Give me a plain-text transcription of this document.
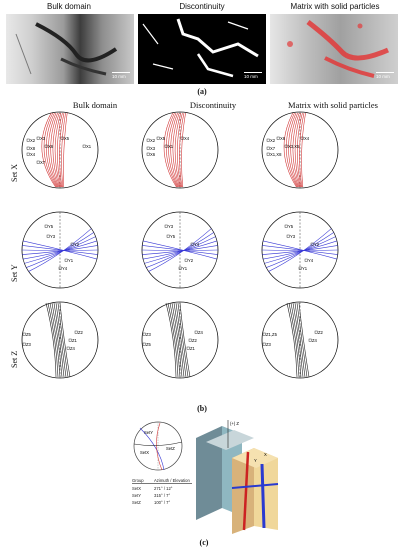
Bulk domain	Discontinuity	Matrix with solid particles
10 mm	10 mm	10 mm
(a)
Bulk domain	Discontinuity	Matrix with solid particles
Set X
Set Y
Set Z
X2 X3	X5
X6
X8
X4
X7
X1
Y5
Y3
Y2
Y1
Y4
Z5
Z3
Z2
Z1
Z4
X2 X5	X4
X1
X3
X6
Y3
Y5
Y4
Y2
Y1
Z3
Z5
Z4
Z2
Z1
X2 X6	X4
X3,X5
X7
X1,X8
Y5
Y3
Y2
Y4
Y1
Z1,Z5
Z3
Z2
Z4
(b)
SetY
SetX
SetZ
Group	Azimuth / Elevation
SetX	271° / 12°
SetY	315° / 7°
SetZ	100° / 7°
(+) Z
X
Y
(c)
